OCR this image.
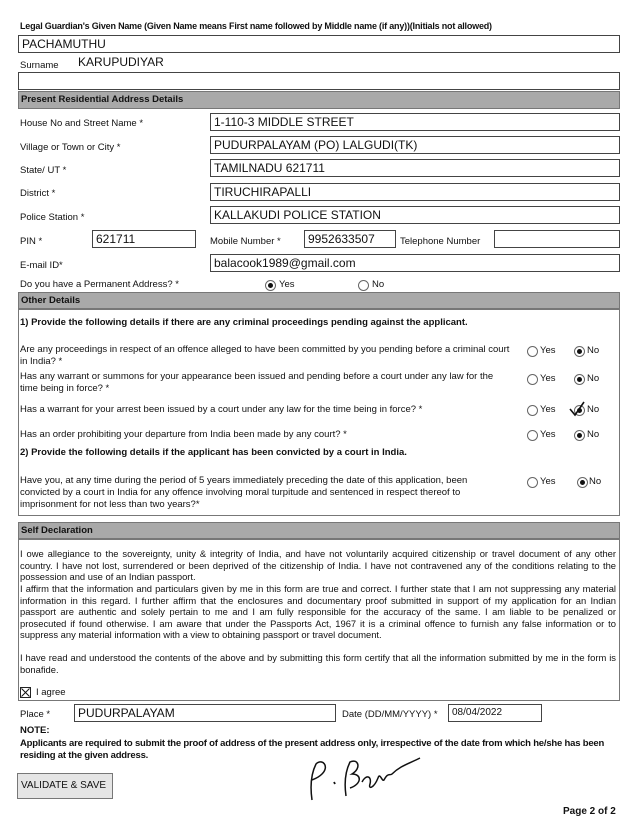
Legal Guardian's Given Name (Given Name means First name followed by Middle name (if any))(Initials not allowed)
PACHAMUTHU
Surname KARUPUDIYAR
Present Residential Address Details
House No and Street Name *	1-110-3 MIDDLE STREET
Village or Town or City *	PUDURPALAYAM (PO) LALGUDI(TK)
State/ UT *	TAMILNADU 621711
District *	TIRUCHIRAPALLI
Police Station *	KALLAKUDI POLICE STATION
PIN *	621711	Mobile Number *	9952633507	Telephone Number
E-mail ID*	balacook1989@gmail.com
Do you have a Permanent Address? *	Yes	No
Other Details
1) Provide the following details if there are any criminal proceedings pending against the applicant.
Are any proceedings in respect of an offence alleged to have been committed by you pending before a criminal court in India? *
Yes	No
Has any warrant or summons for your appearance been issued and pending before a court under any law for the time being in force? *
Yes	No
Has a warrant for your arrest been issued by a court under any law for the time being in force? *	Yes	No
Has an order prohibiting your departure from India been made by any court? *	Yes	No
2) Provide the following details if the applicant has been convicted by a court in India.
Have you, at any time during the period of 5 years immediately preceding the date of this application, been convicted by a court in India for any offence involving moral turpitude and sentenced in respect thereof to imprisonment for not less than two years?*
Yes	No
Self Declaration
I owe allegiance to the sovereignty, unity & integrity of India, and have not voluntarily acquired citizenship or travel document of any other country. I have not lost, surrendered or been deprived of the citizenship of India. I have not contravened any of the conditions relating to the possession and use of an Indian passport.
I affirm that the information and particulars given by me in this form are true and correct. I further state that I am not suppressing any material information in this regard. I further affirm that the enclosures and documentary proof submitted in support of my application for an Indian passport are authentic and solely pertain to me and I am fully responsible for the accuracy of the same. I am liable to be penalized or prosecuted if found otherwise. I am aware that under the Passports Act, 1967 it is a criminal offence to furnish any false information or to suppress any material information with a view to obtaining passport or travel document.
I have read and understood the contents of the above and by submitting this form certify that all the information submitted by me in the form is bonafide.
I agree
Place *	PUDURPALAYAM	Date (DD/MM/YYYY) *	08/04/2022
NOTE:
Applicants are required to submit the proof of address of the present address only, irrespective of the date from which he/she has been residing at the given address.
VALIDATE & SAVE
Page 2 of 2
